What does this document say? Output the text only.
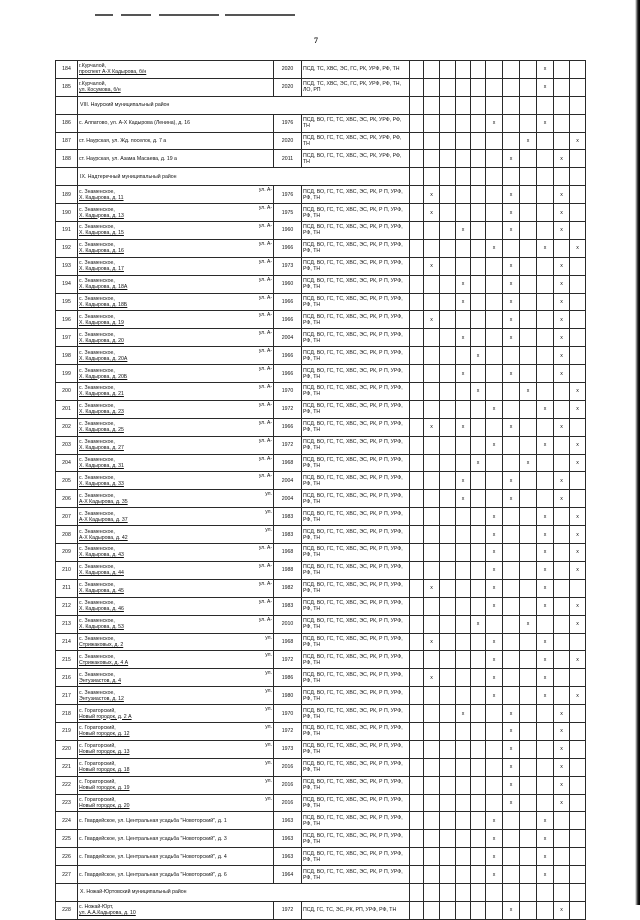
7
184	г.Курчалой,
проспект А-Х Кадырова, б/н	2020	ПСД, ТС, ХВС, ЭС, ГС, РК, УРФ, РФ, ТН									x		
185	г.Курчалой,
ул. Косумова, б/н	2020	ПСД, ТС, ХВС, ЭС, ГС, РК, УРФ, РФ, ТН, ЛО, РП									x		
	VIII. Наурский муниципальный район													
186	с. Алпатово, ул. А-Х Кадырова (Ленина), д. 16	1976	ПСД, ВО, ГС, ТС, ХВС, ЭС, РК, УРФ, РФ, ТН						x			x		
187	ст. Наурская, ул. Жд. поселок, д. 7 а	2020	ПСД, ВО, ГС, ТС, ХВС, ЭС, РК, УРФ, РФ, ТН								x			x
188	ст. Наурская, ул. Азама Масаева, д. 19 а	2011	ПСД, ВО, ГС, ТС, ХВС, ЭС, РК, УРФ, РФ, ТН							x			x	
	IX. Надтеречный муниципальный район													
189	с. Знаменское,
Х. Кадырова, д. 11
ул. А-	1976	ПСД, ВО, ГС, ТС, ХВС, ЭС, РК, Р П, УРФ, РФ, ТН		x					x			x	
190	с. Знаменское,
Х. Кадырова, д. 13
ул. А-	1975	ПСД, ВО, ГС, ТС, ХВС, ЭС, РК, Р П, УРФ, РФ, ТН		x					x			x	
191	с. Знаменское,
Х. Кадырова, д. 15
ул. А-	1960	ПСД, ВО, ГС, ТС, ХВС, ЭС, РК, Р П, УРФ, РФ, ТН				x			x			x	
192	с. Знаменское,
Х. Кадырова, д. 16
ул. А-	1966	ПСД, ВО, ГС, ТС, ХВС, ЭС, РК, Р П, УРФ, РФ, ТН						x			x		x
193	с. Знаменское,
Х. Кадырова, д. 17
ул. А-	1973	ПСД, ВО, ГС, ТС, ХВС, ЭС, РК, Р П, УРФ, РФ, ТН		x					x			x	
194	с. Знаменское,
Х. Кадырова, д. 18А
ул. А-	1960	ПСД, ВО, ГС, ТС, ХВС, ЭС, РК, Р П, УРФ, РФ, ТН				x			x			x	
195	с. Знаменское,
Х. Кадырова, д. 18Б
ул. А-	1966	ПСД, ВО, ГС, ТС, ХВС, ЭС, РК, Р П, УРФ, РФ, ТН				x			x			x	
196	с. Знаменское,
Х. Кадырова, д. 19
ул. А-	1966	ПСД, ВО, ГС, ТС, ХВС, ЭС, РК, Р П, УРФ, РФ, ТН		x					x			x	
197	с. Знаменское,
Х. Кадырова, д. 20
ул. А-	2004	ПСД, ВО, ГС, ТС, ХВС, ЭС, РК, Р П, УРФ, РФ, ТН				x			x			x	
198	с. Знаменское,
Х. Кадырова, д. 20А
ул. А-	1966	ПСД, ВО, ГС, ТС, ХВС, ЭС, РК, Р П, УРФ, РФ, ТН					x					x	
199	с. Знаменское,
Х. Кадырова, д. 20Б
ул. А-	1966	ПСД, ВО, ГС, ТС, ХВС, ЭС, РК, Р П, УРФ, РФ, ТН				x			x			x	
200	с. Знаменское,
Х. Кадырова, д. 21
ул. А-	1970	ПСД, ВО, ГС, ТС, ХВС, ЭС, РК, Р П, УРФ, РФ, ТН					x			x			x
201	с. Знаменское,
Х. Кадырова, д. 23
ул. А-	1972	ПСД, ВО, ГС, ТС, ХВС, ЭС, РК, Р П, УРФ, РФ, ТН						x			x		x
202	с. Знаменское,
Х. Кадырова, д. 25
ул. А-	1966	ПСД, ВО, ГС, ТС, ХВС, ЭС, РК, Р П, УРФ, РФ, ТН		x		x			x			x	
203	с. Знаменское,
Х. Кадырова, д. 27
ул. А-	1972	ПСД, ВО, ГС, ТС, ХВС, ЭС, РК, Р П, УРФ, РФ, ТН						x			x		x
204	с. Знаменское,
Х. Кадырова, д. 31
ул. А-	1968	ПСД, ВО, ГС, ТС, ХВС, ЭС, РК, Р П, УРФ, РФ, ТН					x			x			x
205	с. Знаменское,
Х. Кадырова, д. 33
ул. А-	2004	ПСД, ВО, ГС, ТС, ХВС, ЭС, РК, Р П, УРФ, РФ, ТН				x			x			x	
206	с. Знаменское,
А-Х Кадырова, д. 35
ул.	2004	ПСД, ВО, ГС, ТС, ХВС, ЭС, РК, Р П, УРФ, РФ, ТН				x			x			x	
207	с. Знаменское,
А-Х Кадырова, д. 37
ул.	1983	ПСД, ВО, ГС, ТС, ХВС, ЭС, РК, Р П, УРФ, РФ, ТН						x			x		x
208	с. Знаменское,
А-Х Кадырова, д. 42
ул.	1983	ПСД, ВО, ГС, ТС, ХВС, ЭС, РК, Р П, УРФ, РФ, ТН						x			x		x
209	с. Знаменское,
Х. Кадырова, д. 43
ул. А-	1968	ПСД, ВО, ГС, ТС, ХВС, ЭС, РК, Р П, УРФ, РФ, ТН						x			x		x
210	с. Знаменское,
Х. Кадырова, д. 44
ул. А-	1988	ПСД, ВО, ГС, ТС, ХВС, ЭС, РК, Р П, УРФ, РФ, ТН						x			x		x
211	с. Знаменское,
Х. Кадырова, д. 45
ул. А-	1982	ПСД, ВО, ГС, ТС, ХВС, ЭС, РК, Р П, УРФ, РФ, ТН		x				x			x		
212	с. Знаменское,
Х. Кадырова, д. 46
ул. А-	1983	ПСД, ВО, ГС, ТС, ХВС, ЭС, РК, Р П, УРФ, РФ, ТН						x			x		x
213	с. Знаменское,
Х. Кадырова, д. 53
ул. А-	2010	ПСД, ВО, ГС, ТС, ХВС, ЭС, РК, Р П, УРФ, РФ, ТН					x			x			x
214	с. Знаменское,
Стрижаковых, д. 2
ул.	1968	ПСД, ВО, ГС, ТС, ХВС, ЭС, РК, Р П, УРФ, РФ, ТН		x				x			x		
215	с. Знаменское,
Стрижаковых, д. 4 А
ул.	1972	ПСД, ВО, ГС, ТС, ХВС, ЭС, РК, Р П, УРФ, РФ, ТН						x			x		x
216	с. Знаменское,
Энтузиастов, д. 4
ул.	1986	ПСД, ВО, ГС, ТС, ХВС, ЭС, РК, Р П, УРФ, РФ, ТН		x				x			x		
217	с. Знаменское,
Энтузиастов, д. 12
ул.	1980	ПСД, ВО, ГС, ТС, ХВС, ЭС, РК, Р П, УРФ, РФ, ТН						x			x		x
218	с. Гораторский,
Новый городок, д. 2 А
ул.	1970	ПСД, ВО, ГС, ТС, ХВС, ЭС, РК, Р П, УРФ, РФ, ТН				x			x			x	
219	с. Гораторский,
Новый городок, д. 12
ул.	1972	ПСД, ВО, ГС, ТС, ХВС, ЭС, РК, Р П, УРФ, РФ, ТН							x			x	
220	с. Гораторский,
Новый городок, д. 13
ул.	1973	ПСД, ВО, ГС, ТС, ХВС, ЭС, РК, Р П, УРФ, РФ, ТН							x			x	
221	с. Гораторский,
Новый городок, д. 18
ул.	2016	ПСД, ВО, ГС, ТС, ХВС, ЭС, РК, Р П, УРФ, РФ, ТН							x			x	
222	с. Гораторский,
Новый городок, д. 19
ул.	2016	ПСД, ВО, ГС, ТС, ХВС, ЭС, РК, Р П, УРФ, РФ, ТН							x			x	
223	с. Гораторский,
Новый городок, д. 20
ул.	2016	ПСД, ВО, ГС, ТС, ХВС, ЭС, РК, Р П, УРФ, РФ, ТН							x			x	
224	с. Гвардейское, ул. Центральная усадьба "Новоторский", д. 1	1963	ПСД, ВО, ГС, ТС, ХВС, ЭС, РК, Р П, УРФ, РФ, ТН						x			x		
225	с. Гвардейское, ул. Центральная усадьба "Новоторский", д. 3	1963	ПСД, ВО, ГС, ТС, ХВС, ЭС, РК, Р П, УРФ, РФ, ТН						x			x		
226	с. Гвардейское, ул. Центральная усадьба "Новоторский", д. 4	1963	ПСД, ВО, ГС, ТС, ХВС, ЭС, РК, Р П, УРФ, РФ, ТН						x			x		
227	с. Гвардейское, ул. Центральная усадьба "Новоторский", д. 6	1964	ПСД, ВО, ГС, ТС, ХВС, ЭС, РК, Р П, УРФ, РФ, ТН						x			x		
	X. Ножай-Юртовский муниципальный район													
228	с. Ножай-Юрт,
ул. А.А.Кадырова, д. 10	1972	ПСД, ГС, ТС, ЭС, РК, РП, УРФ, РФ, ТН							x			x	
